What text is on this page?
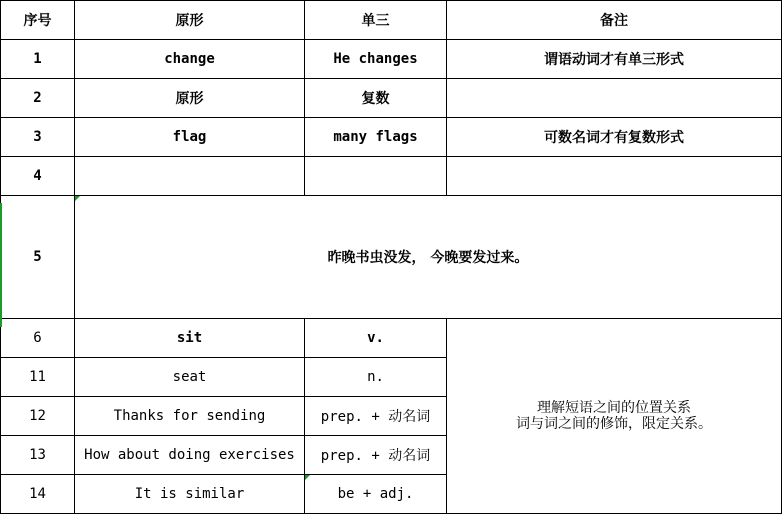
序号	原形	单三	备注
1	change	He changes	谓语动词才有单三形式
2	原形	复数	
3	flag	many flags	可数名词才有复数形式
4			
5	昨晚书虫没发， 今晚要发过来。		
6	sit	v.	理解短语之间的位置关系
词与词之间的修饰，限定关系。

11	seat	n.	
12	Thanks for sending	prep. + 动名词	
13	How about doing exercises	prep. + 动名词	
14	It is similar	be + adj.	
